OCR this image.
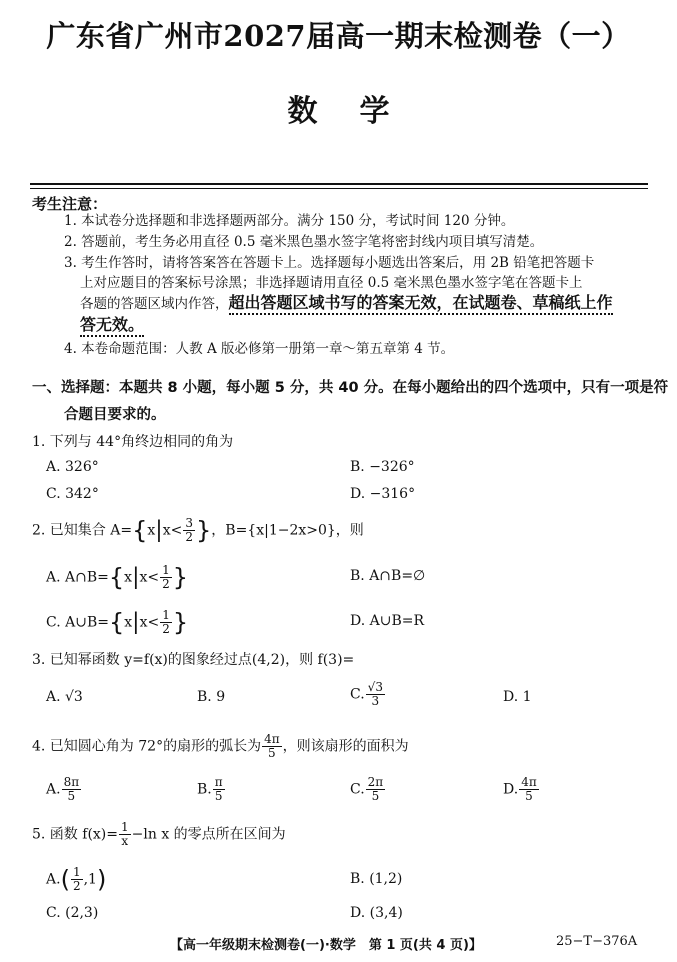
广东省广州市2027届高一期末检测卷（一）
数学
考生注意：
1. 本试卷分选择题和非选择题两部分。满分 150 分，考试时间 120 分钟。
2. 答题前，考生务必用直径 0.5 毫米黑色墨水签字笔将密封线内项目填写清楚。
3. 考生作答时，请将答案答在答题卡上。选择题每小题选出答案后，用 2B 铅笔把答题卡
上对应题目的答案标号涂黑；非选择题请用直径 0.5 毫米黑色墨水签字笔在答题卡上
各题的答题区域内作答，超出答题区域书写的答案无效，在试题卷、草稿纸上作
答无效。
4. 本卷命题范围：人教 A 版必修第一册第一章～第五章第 4 节。
一、选择题：本题共 8 小题，每小题 5 分，共 40 分。在每小题给出的四个选项中，只有一项是符
合题目要求的。
1. 下列与 44°角终边相同的角为
A. 326°	B. −326°
C. 342°	D. −316°
2. 已知集合 $A=\{x|x< \frac{3}{2}$ }，B={x|1−2x>0}，则
A. A∩B={x|x< $\frac{1}{2}$ }	B. A∩B=∅
C. A∪B={x|x< $\frac{1}{2}$ }	D. A∪B=R
3. 已知幂函数 y=f(x)的图象经过点(4,2)，则 f(3)=
A. √3	B. 9	C. $\frac{√3}{3}$	D. 1
4. 已知圆心角为 72°的扇形的弧长为 $\frac{4\pi}{5}$ ，则该扇形的面积为
A. $\frac{8\pi}{5}$	B. $\frac{\pi}{5}$	C. $\frac{2\pi}{5}$	D. $\frac{4\pi}{5}$
5. 函数 $f(x)= \frac{1}{x} -\ln$ x 的零点所在区间为
$A.( \frac{1}{2} ,1)$	B. (1,2)
C. (2,3)	D. (3,4)
【高一年级期末检测卷(一)·数学　第 1 页(共 4 页)】	25−T−376A
